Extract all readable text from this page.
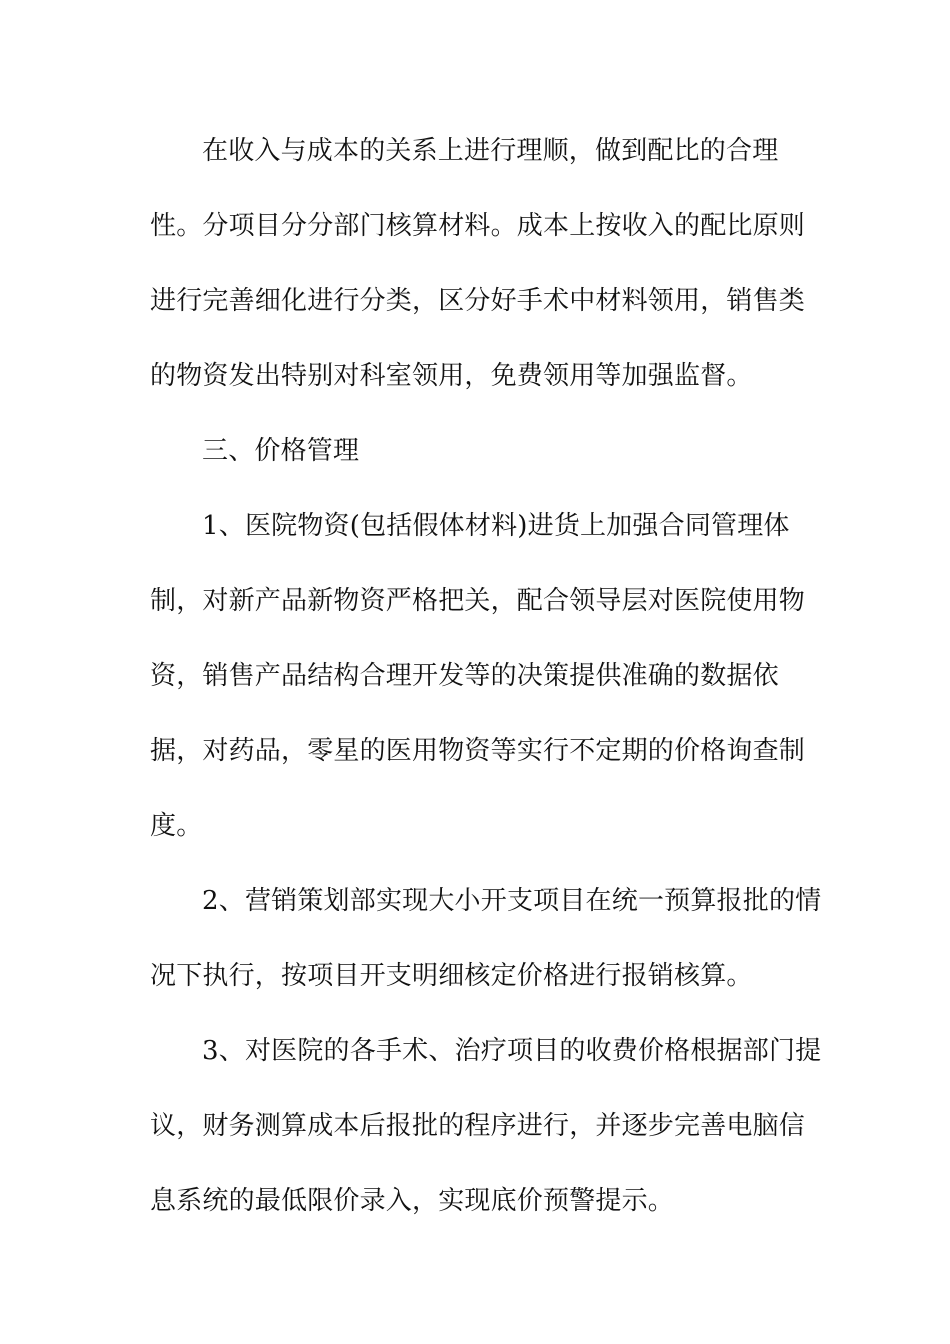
在收入与成本的关系上进行理顺，做到配比的合理
性。分项目分分部门核算材料。成本上按收入的配比原则
进行完善细化进行分类，区分好手术中材料领用，销售类
的物资发出特别对科室领用，免费领用等加强监督。
三、价格管理
1、医院物资(包括假体材料)进货上加强合同管理体
制，对新产品新物资严格把关，配合领导层对医院使用物
资，销售产品结构合理开发等的决策提供准确的数据依
据，对药品，零星的医用物资等实行不定期的价格询查制
度。
2、营销策划部实现大小开支项目在统一预算报批的情
况下执行，按项目开支明细核定价格进行报销核算。
3、对医院的各手术、治疗项目的收费价格根据部门提
议，财务测算成本后报批的程序进行，并逐步完善电脑信
息系统的最低限价录入，实现底价预警提示。
